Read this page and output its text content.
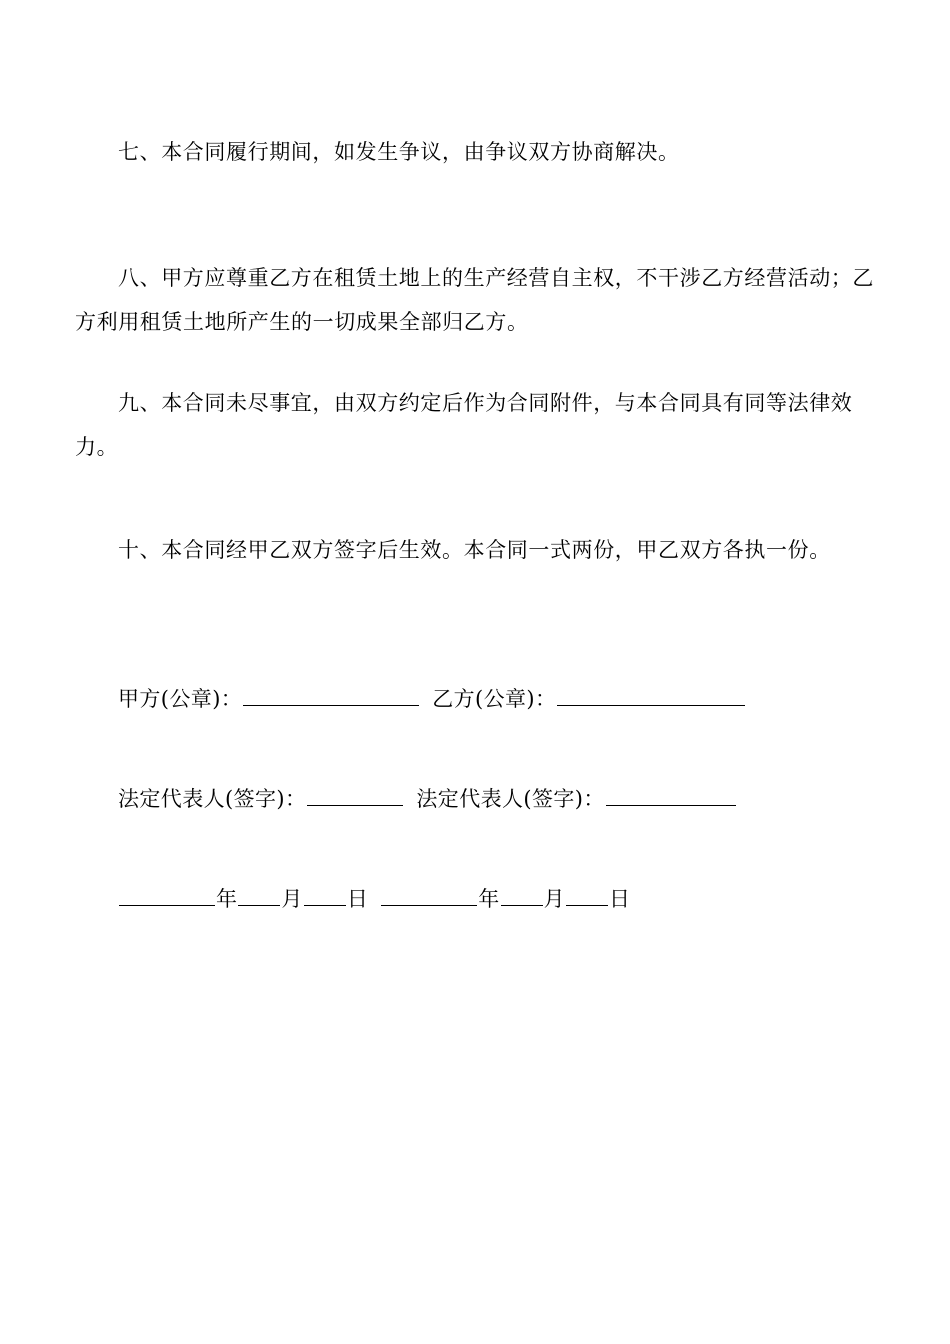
七、本合同履行期间，如发生争议，由争议双方协商解决。

八、甲方应尊重乙方在租赁土地上的生产经营自主权，不干涉乙方经营活动；乙方利用租赁土地所产生的一切成果全部归乙方。

九、本合同未尽事宜，由双方约定后作为合同附件，与本合同具有同等法律效力。

十、本合同经甲乙双方签字后生效。本合同一式两份，甲乙双方各执一份。

甲方(公章)：	乙方(公章)：
法定代表人(签字)：	法定代表人(签字)：
年 月 日	年 月 日
